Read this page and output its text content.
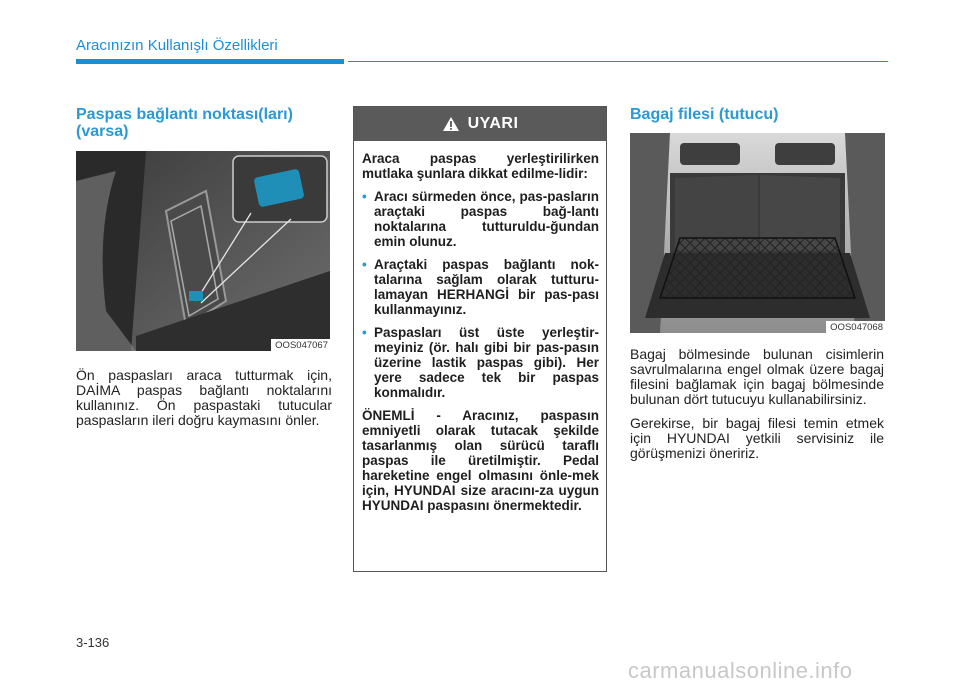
Aracınızın Kullanışlı Özellikleri
Paspas bağlantı noktası(ları) (varsa)
OOS047067

Ön paspasları araca tutturmak için, DAİMA paspas bağlantı noktalarını kullanınız. Ön paspastaki tutucular paspasların ileri doğru kaymasını önler.

UYARI

Araca paspas yerleştirilirken mutlaka şunlara dikkat edilme-lidir:

• Aracı sürmeden önce, pas-pasların araçtaki paspas bağ-lantı noktalarına tutturuldu-ğundan emin olunuz.
• Araçtaki paspas bağlantı nok-talarına sağlam olarak tutturu-lamayan HERHANGİ bir pas-pası kullanmayınız.
• Paspasları üst üste yerleştir-meyiniz (ör. halı gibi bir pas-pasın üzerine lastik paspas gibi). Her yere sadece tek bir paspas konmalıdır.

ÖNEMLİ - Aracınız, paspasın emniyetli olarak tutacak şekilde tasarlanmış olan sürücü taraflı paspas ile üretilmiştir. Pedal hareketine engel olmasını önle-mek için, HYUNDAI size aracını-za uygun HYUNDAI paspasını önermektedir.

Bagaj filesi (tutucu)
OOS047068

Bagaj bölmesinde bulunan cisimlerin savrulmalarına engel olmak üzere bagaj filesini bağlamak için bagaj bölmesinde bulunan dört tutucuyu kullanabilirsiniz.

Gerekirse, bir bagaj filesi temin etmek için HYUNDAI yetkili servisiniz ile görüşmenizi öneririz.

3-136
carmanualsonline.info
